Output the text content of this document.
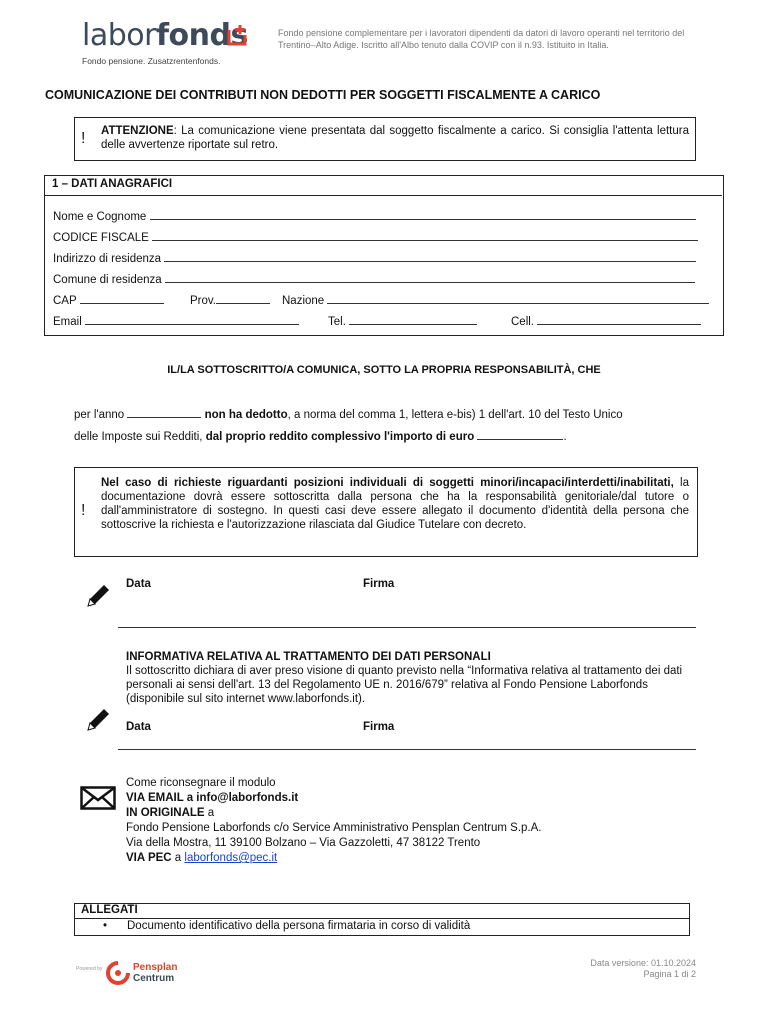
laborfonds
Fondo pensione. Zusatzrentenfonds.
Fondo pensione complementare per i lavoratori dipendenti da datori di lavoro operanti nel territorio del Trentino–Alto Adige. Iscritto all'Albo tenuto dalla COVIP con il n.93. Istituito in Italia.
COMUNICAZIONE DEI CONTRIBUTI NON DEDOTTI PER SOGGETTI FISCALMENTE A CARICO
! ATTENZIONE: La comunicazione viene presentata dal soggetto fiscalmente a carico. Si consiglia l'attenta lettura delle avvertenze riportate sul retro.
1 – DATI ANAGRAFICI
Nome e Cognome
CODICE FISCALE
Indirizzo di residenza
Comune di residenza
CAP	Prov.	Nazione
Email	Tel.	Cell.
IL/LA SOTTOSCRITTO/A COMUNICA, SOTTO LA PROPRIA RESPONSABILITÀ, CHE
per l'anno	non ha dedotto, a norma del comma 1, lettera e-bis) 1 dell'art. 10 del Testo Unico
delle Imposte sui Redditi, dal proprio reddito complessivo l'importo di euro	.
!
Nel caso di richieste riguardanti posizioni individuali di soggetti minori/incapaci/interdetti/inabilitati, la documentazione dovrà essere sottoscritta dalla persona che ha la responsabilità genitoriale/dal tutore o dall'amministratore di sostegno. In questi casi deve essere allegato il documento d'identità della persona che sottoscrive la richiesta e l'autorizzazione rilasciata dal Giudice Tutelare con decreto.
Data	Firma
INFORMATIVA RELATIVA AL TRATTAMENTO DEI DATI PERSONALI
Il sottoscritto dichiara di aver preso visione di quanto previsto nella “Informativa relativa al trattamento dei dati personali ai sensi dell'art. 13 del Regolamento UE n. 2016/679” relativa al Fondo Pensione Laborfonds (disponibile sul sito internet www.laborfonds.it).
Data	Firma
Come riconsegnare il modulo
VIA EMAIL a info@laborfonds.it
IN ORIGINALE a
Fondo Pensione Laborfonds c/o Service Amministrativo Pensplan Centrum S.p.A.
Via della Mostra, 11 39100 Bolzano – Via Gazzoletti, 47 38122 Trento
VIA PEC a laborfonds@pec.it
ALLEGATI
• Documento identificativo della persona firmataria in corso di validità
Powered by	Pensplan
Centrum
Data versione: 01.10.2024
Pagina 1 di 2
